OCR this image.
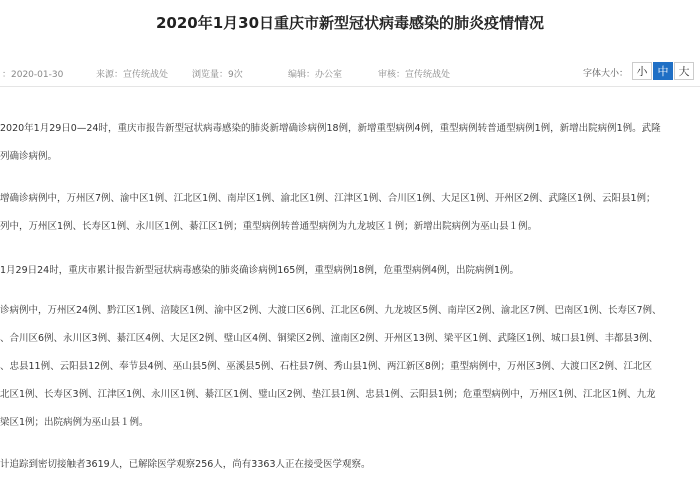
2020年1月30日重庆市新型冠状病毒感染的肺炎疫情情况
：2020-01-30	来源：宣传统战处	浏览量：9次	编辑：办公室	审核：宣传统战处	字体大小： 小 中 大
2020年1月29日0—24时，重庆市报告新型冠状病毒感染的肺炎新增确诊病例18例，新增重型病例4例，重型病例转普通型病例1例，新增出院病例1例。武隆
列确诊病例。
增确诊病例中，万州区7例、渝中区1例、江北区1例、南岸区1例、渝北区1例、江津区1例、合川区1例、大足区1例、开州区2例、武隆区1例、云阳县1例；
列中，万州区1例、长寿区1例、永川区1例、綦江区1例；重型病例转普通型病例为九龙坡区１例；新增出院病例为巫山县１例。
1月29日24时，重庆市累计报告新型冠状病毒感染的肺炎确诊病例165例，重型病例18例，危重型病例4例，出院病例1例。
诊病例中，万州区24例、黔江区1例、涪陵区1例、渝中区2例、大渡口区6例、江北区6例、九龙坡区5例、南岸区2例、渝北区7例、巴南区1例、长寿区7例、
、合川区6例、永川区3例、綦江区4例、大足区2例、璧山区4例、铜梁区2例、潼南区2例、开州区13例、梁平区1例、武隆区1例、城口县1例、丰都县3例、
、忠县11例、云阳县12例、奉节县4例、巫山县5例、巫溪县5例、石柱县7例、秀山县1例、两江新区8例；重型病例中，万州区3例、大渡口区2例、江北区
北区1例、长寿区3例、江津区1例、永川区1例、綦江区1例、璧山区2例、垫江县1例、忠县1例、云阳县1例；危重型病例中，万州区1例、江北区1例、九龙
梁区1例；出院病例为巫山县１例。
计追踪到密切接触者3619人，已解除医学观察256人，尚有3363人正在接受医学观察。
